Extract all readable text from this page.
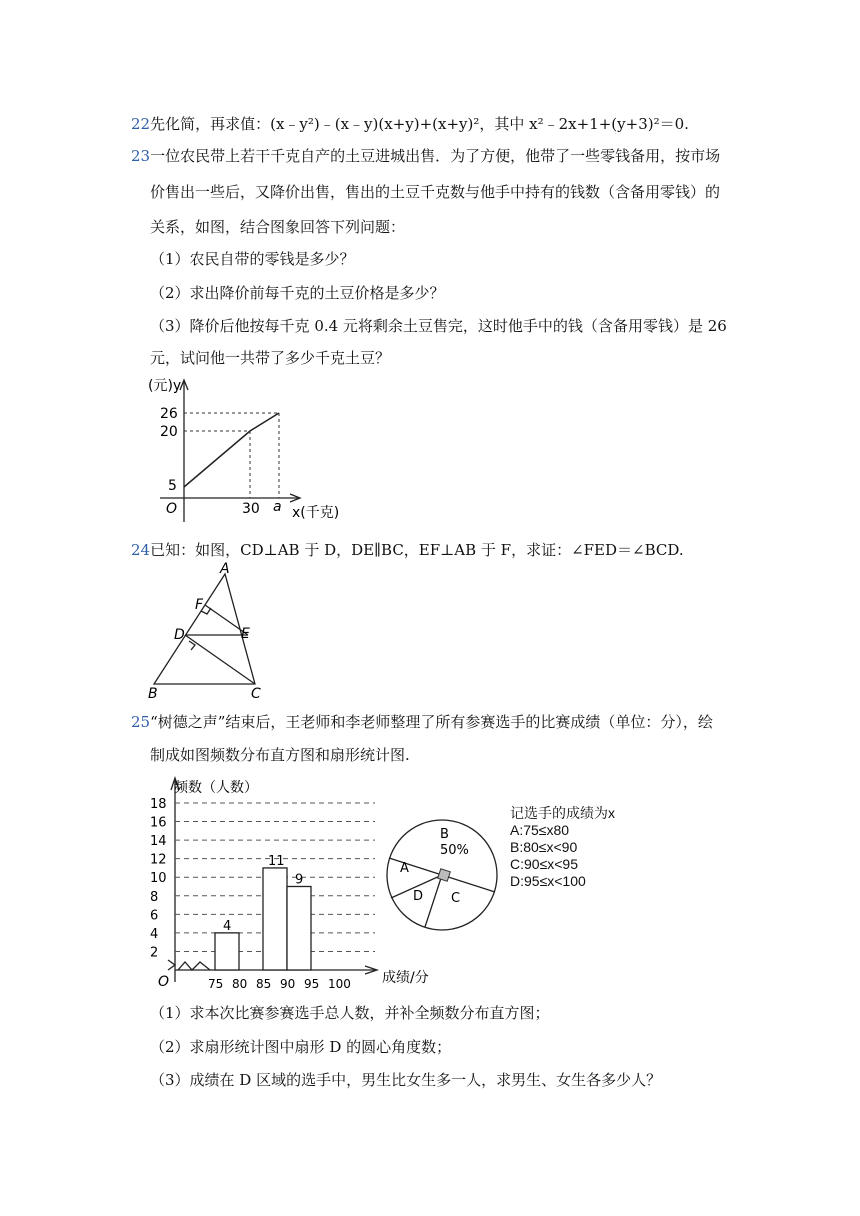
22先化简，再求值：(x﹣y²)﹣(x﹣y)(x+y)+(x+y)²，其中 x²﹣2x+1+(y+3)²＝0.
23一位农民带上若干千克自产的土豆进城出售．为了方便，他带了一些零钱备用，按市场
价售出一些后，又降价出售，售出的土豆千克数与他手中持有的钱数（含备用零钱）的
关系，如图，结合图象回答下列问题：
（1）农民自带的零钱是多少？
（2）求出降价前每千克的土豆价格是多少？
（3）降价后他按每千克 0.4 元将剩余土豆售完，这时他手中的钱（含备用零钱）是 26
元，试问他一共带了多少千克土豆？
(元)y
26
20
5
O	30 a x(千克)
24已知：如图，CD⊥AB 于 D，DE∥BC，EF⊥AB 于 F，求证：∠FED＝∠BCD.
A
F
D	E
B	C
25“树德之声”结束后，王老师和李老师整理了所有参赛选手的比赛成绩（单位：分），绘
制成如图频数分布直方图和扇形统计图.
2
4
6
8
10
12
14
16
18
4
11
9
75 80 85 90 95 100
频数（人数）
O	成绩/分
B
50%
A
D C
记选手的成绩为x
A:75≤x80
B:80≤x<90
C:90≤x<95
D:95≤x<100
（1）求本次比赛参赛选手总人数，并补全频数分布直方图；
（2）求扇形统计图中扇形 D 的圆心角度数；
（3）成绩在 D 区域的选手中，男生比女生多一人，求男生、女生各多少人？
